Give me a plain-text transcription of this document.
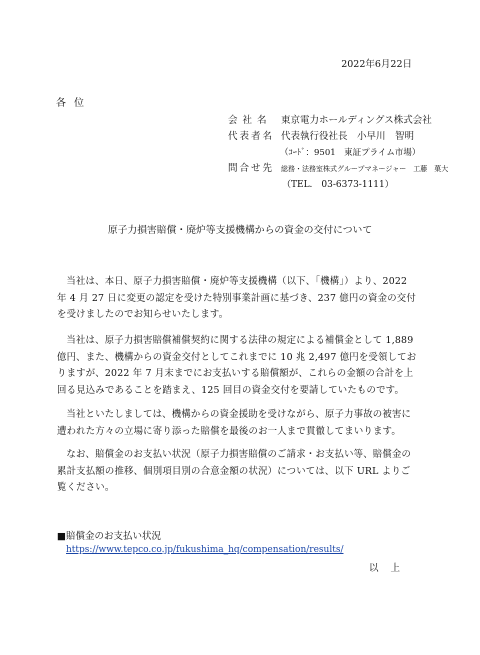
2022年6月22日
各位
会社名 東京電力ホールディングス株式会社
代表者名 代表執行役社長　小早川　智明
（ｺｰﾄﾞ：9501　東証プライム市場）
問合せ先 総務・法務室株式グループマネージャー　工藤　菓大
（TEL.　03-6373-1111）
原子力損害賠償・廃炉等支援機構からの資金の交付について

当社は、本日、原子力損害賠償・廃炉等支援機構（以下、「機構」）より、2022 年 4 月 27 日に変更の認定を受けた特別事業計画に基づき、237 億円の資金の交付を受けましたのでお知らせいたします。

当社は、原子力損害賠償補償契約に関する法律の規定による補償金として 1,889 億円、また、機構からの資金交付としてこれまでに 10 兆 2,497 億円を受領しておりますが、2022 年 7 月末までにお支払いする賠償額が、これらの金額の合計を上回る見込みであることを踏まえ、125 回目の資金交付を要請していたものです。

当社といたしましては、機構からの資金援助を受けながら、原子力事故の被害に遭われた方々の立場に寄り添った賠償を最後のお一人まで貫徹してまいります。

なお、賠償金のお支払い状況（原子力損害賠償のご請求・お支払い等、賠償金の累計支払額の推移、個別項目別の合意金額の状況）については、以下 URL よりご覧ください。

■賠償金のお支払い状況
https://www.tepco.co.jp/fukushima_hq/compensation/results/
以上
